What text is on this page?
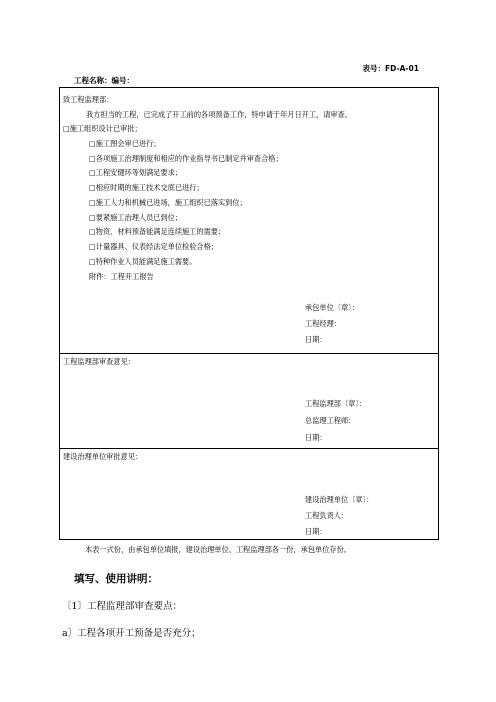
表号：FD-A-01
工程名称：编号：
致工程监理部：
我方担当的工程，已完成了开工前的各项预备工作，特申请于年月日开工，请审查。
□施工组织设计已审批；
□施工图会审已进行；
□各项施工治理制度和相应的作业指导书已制定并审查合格；
□工程安健环等划满足要求；
□相应时期的施工技术交底已进行；
□施工人力和机械已进场，施工组织已落实到位；
□要紧施工治理人员已到位；
□物资、材料预备能满足连续施工的需要；
□计量器具、仪表经法定单位检验合格；
□特种作业人员能满足施工需要。
附件：工程开工报告
承包单位〔章〕：
工程经理：
日期：
工程监理部审查意见：
工程监理部〔章〕：
总监理工程师：
日期：
建设治理单位审批意见：
建设治理单位〔章〕：
工程负责人：
日期：
本表一式份，由承包单位填报，建设治理单位、工程监理部各一份，承包单位存份。
填写、使用讲明：
〔1〕工程监理部审查要点：
a〕工程各项开工预备是否充分；
